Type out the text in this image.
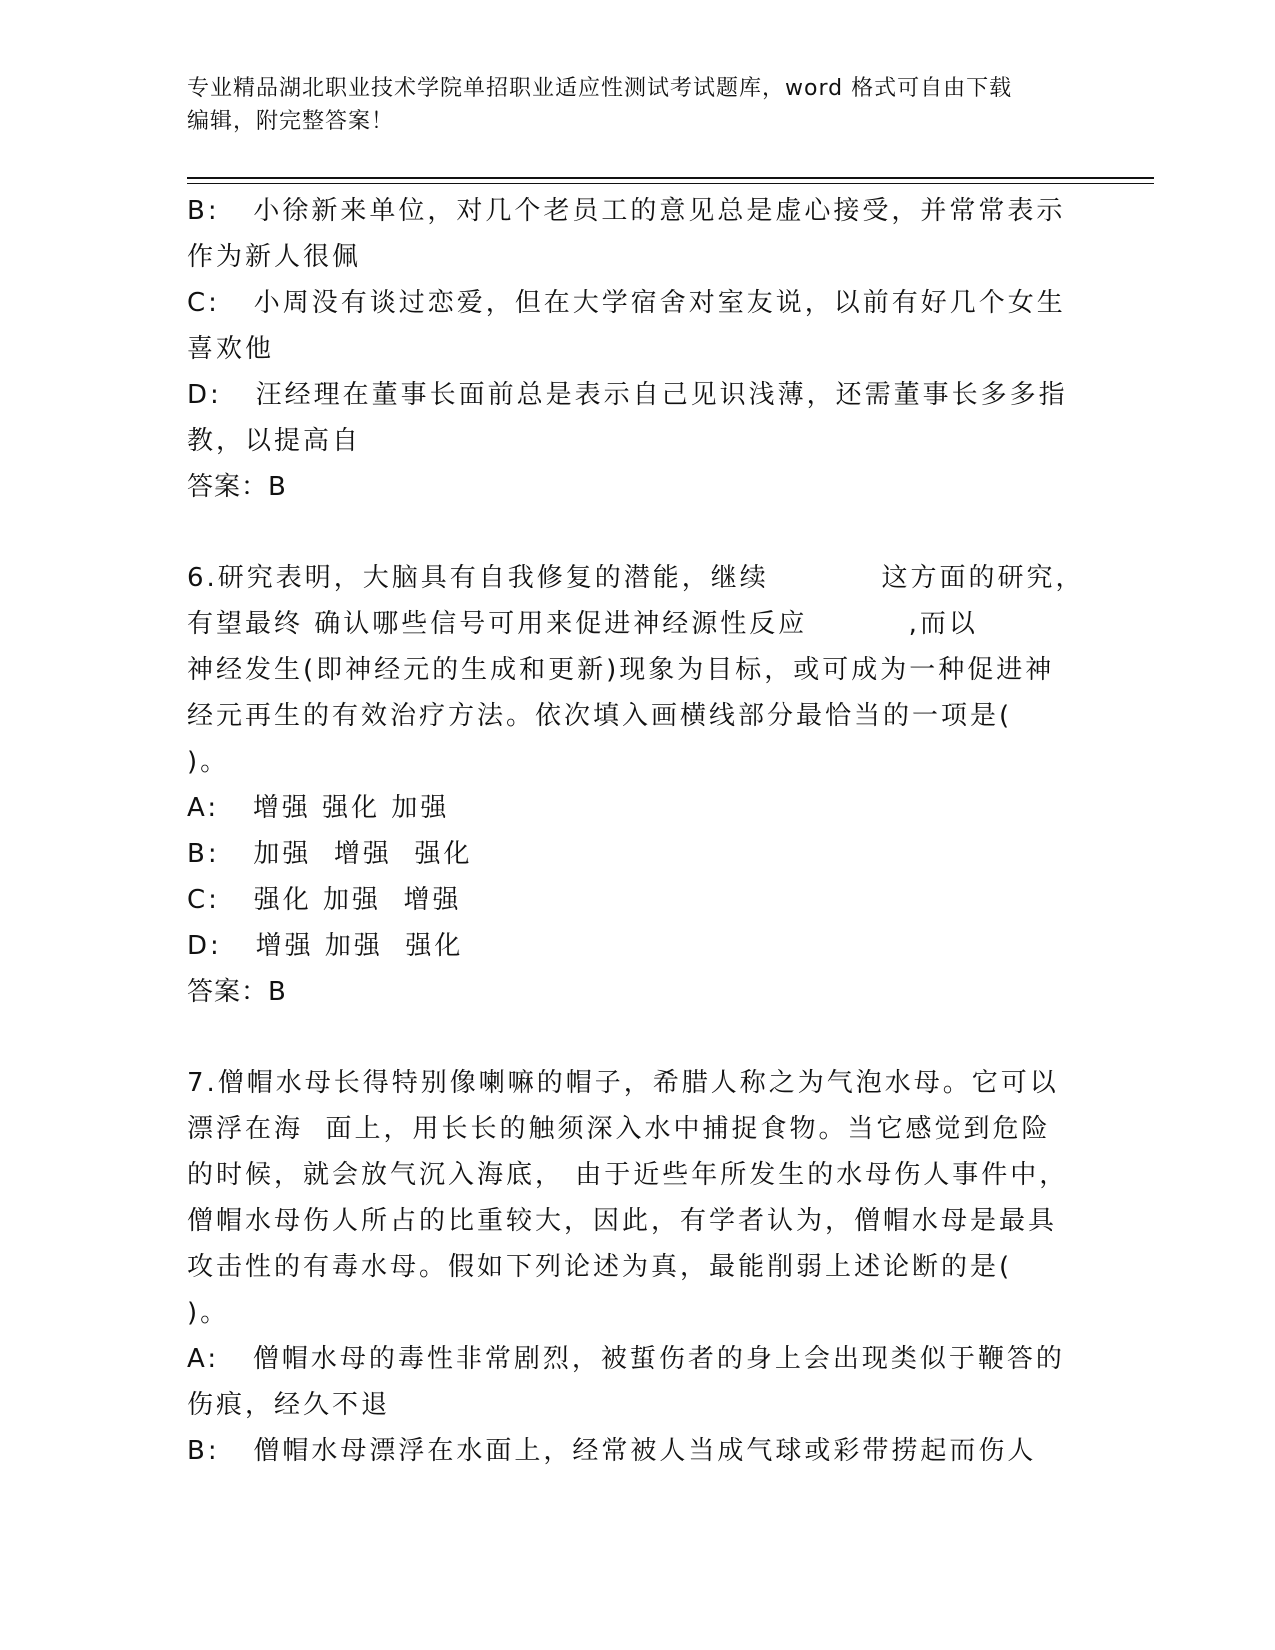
专业精品湖北职业技术学院单招职业适应性测试考试题库，word 格式可自由下载
编辑，附完整答案！
B:   小徐新来单位，对几个老员工的意见总是虚心接受，并常常表示
作为新人很佩
C:   小周没有谈过恋爱，但在大学宿舍对室友说，以前有好几个女生
喜欢他
D:   汪经理在董事长面前总是表示自己见识浅薄，还需董事长多多指
教，以提高自
答案：B
6.研究表明，大脑具有自我修复的潜能，继续          这方面的研究，
有望最终 确认哪些信号可用来促进神经源性反应         ,而以
神经发生(即神经元的生成和更新)现象为目标，或可成为一种促进神
经元再生的有效治疗方法。依次填入画横线部分最恰当的一项是(
)。
A:   增强 强化 加强
B:   加强  增强  强化
C:   强化 加强  增强
D:   增强 加强  强化
答案：B
7.僧帽水母长得特别像喇嘛的帽子，希腊人称之为气泡水母。它可以
漂浮在海  面上，用长长的触须深入水中捕捉食物。当它感觉到危险
的时候，就会放气沉入海底， 由于近些年所发生的水母伤人事件中，
僧帽水母伤人所占的比重较大，因此，有学者认为，僧帽水母是最具
攻击性的有毒水母。假如下列论述为真，最能削弱上述论断的是(
)。
A:   僧帽水母的毒性非常剧烈，被蜇伤者的身上会出现类似于鞭答的
伤痕，经久不退
B:   僧帽水母漂浮在水面上，经常被人当成气球或彩带捞起而伤人
